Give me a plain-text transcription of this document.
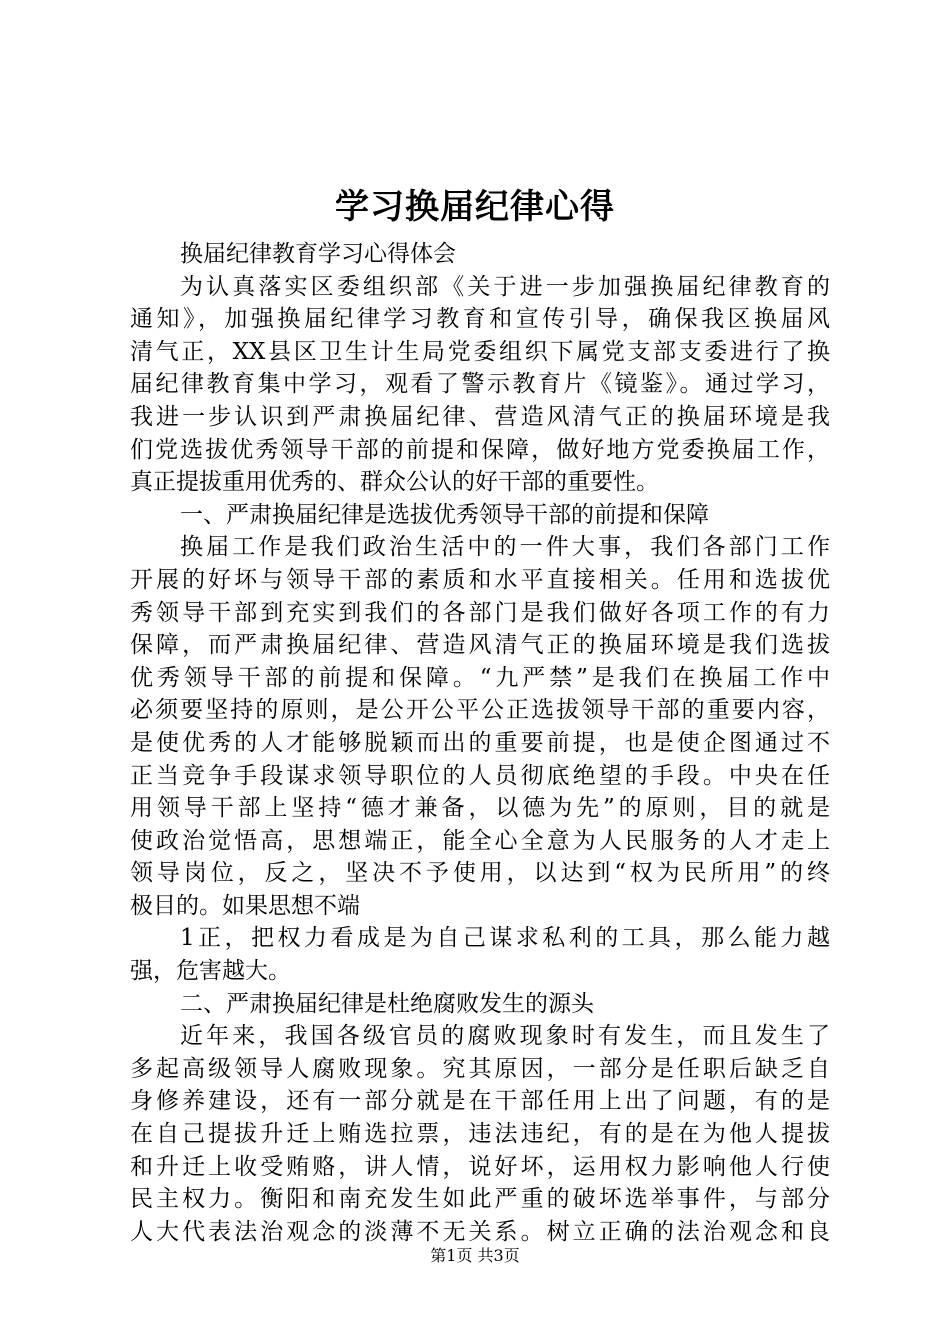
学习换届纪律心得
换届纪律教育学习心得体会
为认真落实区委组织部《关于进一步加强换届纪律教育的
通知》，加强换届纪律学习教育和宣传引导，确保我区换届风
清气正，XX县区卫生计生局党委组织下属党支部支委进行了换
届纪律教育集中学习，观看了警示教育片《镜鉴》。通过学习，
我进一步认识到严肃换届纪律、营造风清气正的换届环境是我
们党选拔优秀领导干部的前提和保障，做好地方党委换届工作，
真正提拔重用优秀的、群众公认的好干部的重要性。
一、严肃换届纪律是选拔优秀领导干部的前提和保障
换届工作是我们政治生活中的一件大事，我们各部门工作
开展的好坏与领导干部的素质和水平直接相关。任用和选拔优
秀领导干部到充实到我们的各部门是我们做好各项工作的有力
保障，而严肃换届纪律、营造风清气正的换届环境是我们选拔
优秀领导干部的前提和保障。“九严禁”是我们在换届工作中
必须要坚持的原则，是公开公平公正选拔领导干部的重要内容，
是使优秀的人才能够脱颖而出的重要前提，也是使企图通过不
正当竞争手段谋求领导职位的人员彻底绝望的手段。中央在任
用领导干部上坚持“德才兼备，以德为先”的原则，目的就是
使政治觉悟高，思想端正，能全心全意为人民服务的人才走上
领导岗位，反之，坚决不予使用，以达到“权为民所用”的终
极目的。如果思想不端
1正，把权力看成是为自己谋求私利的工具，那么能力越
强，危害越大。
二、严肃换届纪律是杜绝腐败发生的源头
近年来，我国各级官员的腐败现象时有发生，而且发生了
多起高级领导人腐败现象。究其原因，一部分是任职后缺乏自
身修养建设，还有一部分就是在干部任用上出了问题，有的是
在自己提拔升迁上贿选拉票，违法违纪，有的是在为他人提拔
和升迁上收受贿赂，讲人情，说好坏，运用权力影响他人行使
民主权力。衡阳和南充发生如此严重的破坏选举事件，与部分
人大代表法治观念的淡薄不无关系。树立正确的法治观念和良
第1页 共3页
